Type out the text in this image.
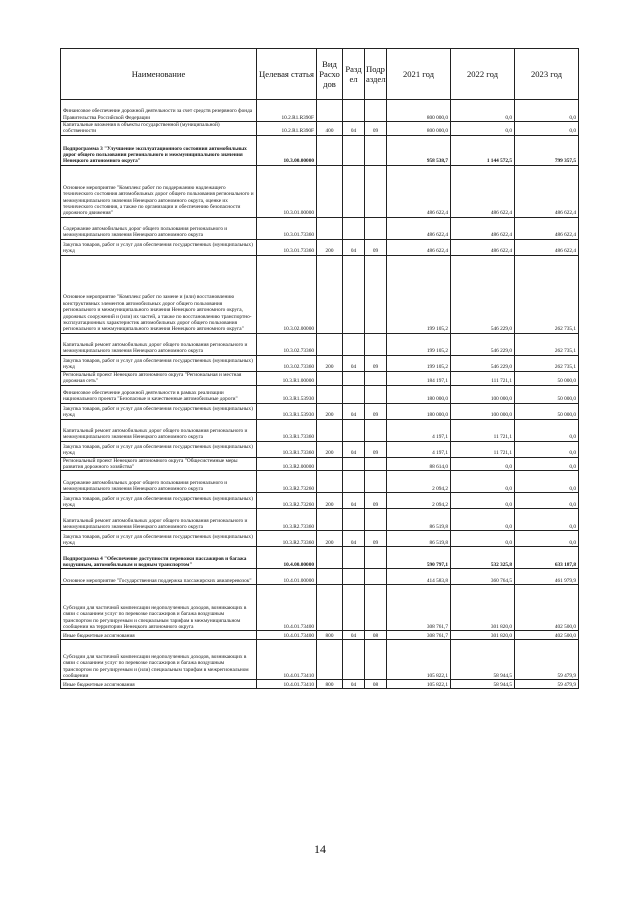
Наименование	Целевая статья	Вид Расхо дов	Разд ел	Подр аздел	2021 год	2022 год	2023 год
Финансовое обеспечение дорожной деятельности за счет средств резервного фонда Правительства Российской Федерации	10.2.R1.R390F				800 000,0	0,0	0,0
Капитальные вложения в объекты государственной (муниципальной) собственности	10.2.R1.R390F	400	04	09	800 000,0	0,0	0,0
Подпрограмма 3 "Улучшение эксплуатационного состояния автомобильных дорог общего пользования регионального и межмуниципального значения Ненецкого автономного округа"	10.3.00.00000				958 538,7	1 144 572,5	799 357,5
Основное мероприятие "Комплекс работ по поддержанию надлежащего технического состояния автомобильных дорог общего пользования регионального и межмуниципального значения Ненецкого автономного округа, оценке их технического состояния, а также по организации и обеспечению безопасности дорожного движения"	10.3.01.00000				486 622,4	486 622,4	486 622,4
Содержание автомобильных дорог общего пользования регионального и межмуниципального значения Ненецкого автономного округа	10.3.01.73360				486 622,4	486 622,4	486 622,4
Закупка товаров, работ и услуг для обеспечения государственных (муниципальных) нужд	10.3.01.73360	200	04	09	486 622,4	486 622,4	486 622,4
Основное мероприятие "Комплекс работ по замене и (или) восстановлению конструктивных элементов автомобильных дорог общего пользования регионального и межмуниципального значения Ненецкого автономного округа, дорожных сооружений и (или) их частей, а также по восстановлению транспортно-эксплуатационных характеристик автомобильных дорог общего пользования регионального и межмуниципального значения Ненецкого автономного округа"	10.3.02.00000				199 105,2	546 229,0	262 735,1
Капитальный ремонт автомобильных дорог общего пользования регионального и межмуниципального значения Ненецкого автономного округа	10.3.02.73360				199 105,2	546 229,0	262 735,1
Закупка товаров, работ и услуг для обеспечения государственных (муниципальных) нужд	10.3.02.73360	200	04	09	199 105,2	546 229,0	262 735,1
Региональный проект Ненецкого автономного округа "Региональная и местная дорожная сеть"	10.3.R1.00000				184 197,1	111 721,1	50 000,0
Финансовое обеспечение дорожной деятельности в рамках реализации национального проекта "Безопасные и качественные автомобильные дороги"	10.3.R1.53930				180 000,0	100 000,0	50 000,0
Закупка товаров, работ и услуг для обеспечения государственных (муниципальных) нужд	10.3.R1.53930	200	04	09	180 000,0	100 000,0	50 000,0
Капитальный ремонт автомобильных дорог общего пользования регионального и межмуниципального значения Ненецкого автономного округа	10.3.R1.73360				4 197,1	11 721,1	0,0
Закупка товаров, работ и услуг для обеспечения государственных (муниципальных) нужд	10.3.R1.73360	200	04	09	4 197,1	11 721,1	0,0
Региональный проект Ненецкого автономного округа "Общесистемные меры развития дорожного хозяйства"	10.3.R2.00000				88 614,0	0,0	0,0
Содержание автомобильных дорог общего пользования регионального и межмуниципального значения Ненецкого автономного округа	10.3.R2.73260				2 094,2	0,0	0,0
Закупка товаров, работ и услуг для обеспечения государственных (муниципальных) нужд	10.3.R2.73260	200	04	09	2 094,2	0,0	0,0
Капитальный ремонт автомобильных дорог общего пользования регионального и межмуниципального значения Ненецкого автономного округа	10.3.R2.73360				86 519,8	0,0	0,0
Закупка товаров, работ и услуг для обеспечения государственных (муниципальных) нужд	10.3.R2.73360	200	04	09	86 519,8	0,0	0,0
Подпрограмма 4 "Обеспечение доступности перевозки пассажиров и багажа воздушным, автомобильным и водным транспортом"	10.4.00.00000				590 797,1	532 325,8	633 187,8
Основное мероприятие "Государственная поддержка пассажирских авиаперевозок"	10.4.01.00000				414 583,8	360 764,5	461 979,9
Субсидии для частичной компенсации недополученных доходов, возникающих в связи с оказанием услуг по перевозке пассажиров и багажа воздушным транспортом по регулируемым и специальным тарифам в межмуниципальном сообщении на территории Ненецкого автономного округа	10.4.01.73400				308 761,7	301 820,0	402 500,0
Иные бюджетные ассигнования	10.4.01.73400	800	04	08	308 761,7	301 820,0	402 500,0
Субсидии для частичной компенсации недополученных доходов, возникающих в связи с оказанием услуг по перевозке пассажиров и багажа воздушным транспортом по регулируемым и (или) специальным тарифам в межрегиональном сообщении	10.4.01.73410				105 822,1	58 944,5	59 479,9
Иные бюджетные ассигнования	10.4.01.73410	800	04	08	105 822,1	58 944,5	59 479,9
14
